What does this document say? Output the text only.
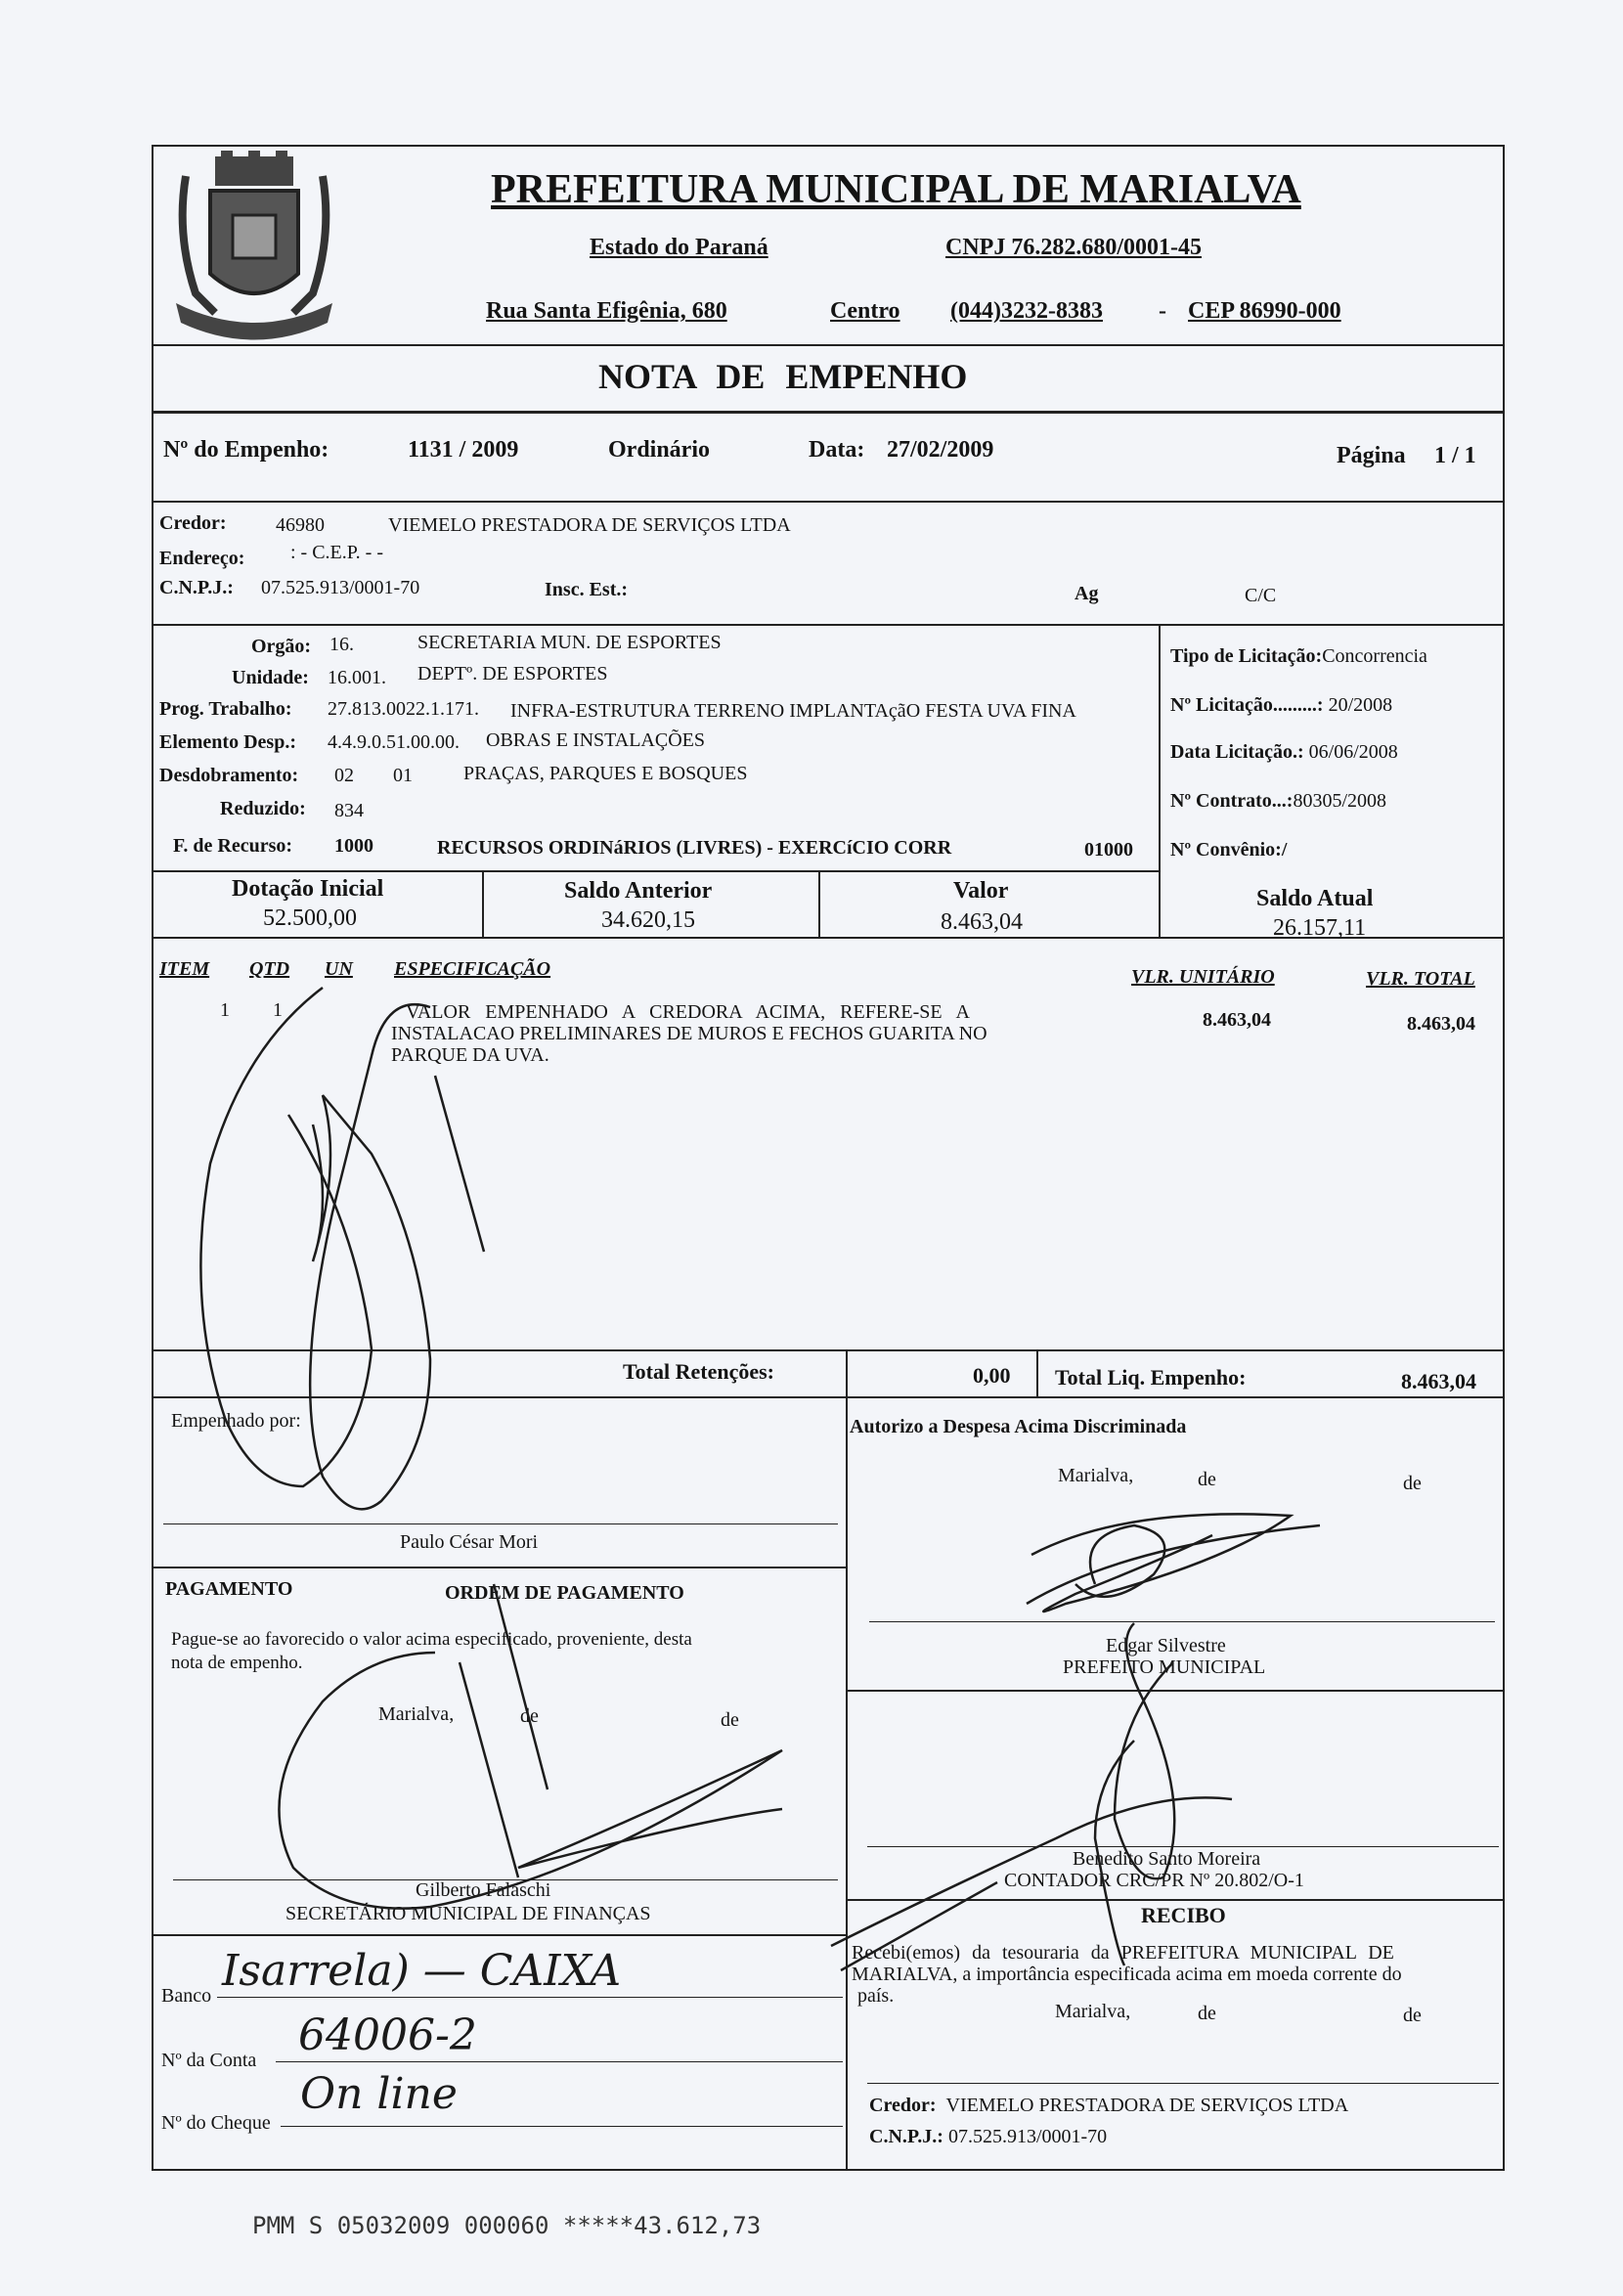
PREFEITURA MUNICIPAL DE MARIALVA
Estado do Paraná	CNPJ 76.282.680/0001-45
Rua Santa Efigênia, 680	Centro (044)3232-8383 - CEP 86990-000
NOTA DE EMPENHO
Nº do Empenho:	1131 / 2009	Ordinário	Data: 27/02/2009	Página 1 / 1
Credor:	46980	VIEMELO PRESTADORA DE SERVIÇOS LTDA
Endereço: : - C.E.P. - -
C.N.P.J.: 07.525.913/0001-70	Insc. Est.:	Ag	C/C
Orgão: 16.	SECRETARIA MUN. DE ESPORTES
Unidade: 16.001. DEPTº. DE ESPORTES
Prog. Trabalho: 27.813.0022.1.171. INFRA-ESTRUTURA TERRENO IMPLANTAçãO FESTA UVA FINA
Elemento Desp.: 4.4.9.0.51.00.00. OBRAS E INSTALAÇÕES
Desdobramento: 02 01	PRAÇAS, PARQUES E BOSQUES
Reduzido: 834
F. de Recurso: 1000	RECURSOS ORDINáRIOS (LIVRES) - EXERCíCIO CORR	01000
Tipo de Licitação:Concorrencia
Nº Licitação.........: 20/2008
Data Licitação.: 06/06/2008
Nº Contrato...:80305/2008
Nº Convênio:/
Dotação Inicial
52.500,00
Saldo Anterior
34.620,15
Valor
8.463,04
Saldo Atual
26.157,11
ITEM QTD UN ESPECIFICAÇÃO	VLR. UNITÁRIO	VLR. TOTAL
1 1	VALOR EMPENHADO A CREDORA ACIMA, REFERE-SE A
INSTALACAO PRELIMINARES DE MUROS E FECHOS GUARITA NO
PARQUE DA UVA.
8.463,04	8.463,04
Total Retenções:	0,00 Total Liq. Empenho:	8.463,04
Empenhado por:
Paulo César Mori
Autorizo a Despesa Acima Discriminada
Marialva,	de	de
Edgar Silvestre
PREFEITO MUNICIPAL
PAGAMENTO	ORDEM DE PAGAMENTO
Pague-se ao favorecido o valor acima especificado, proveniente, desta
nota de empenho.
Marialva,	de	de
Gilberto Falaschi
SECRETÁRIO MUNICIPAL DE FINANÇAS
Benedito Santo Moreira
CONTADOR CRC/PR Nº 20.802/O-1
RECIBO
Recebi(emos) da tesouraria da PREFEITURA MUNICIPAL DE
MARIALVA, a importância especificada acima em moeda corrente do
país.
Marialva,	de	de
Credor: VIEMELO PRESTADORA DE SERVIÇOS LTDA
C.N.P.J.: 07.525.913/0001-70
Banco Isarrela) — CAIXA
Nº da Conta 64006-2
Nº do Cheque
On line
PMM S 05032009 000060 *****43.612,73
